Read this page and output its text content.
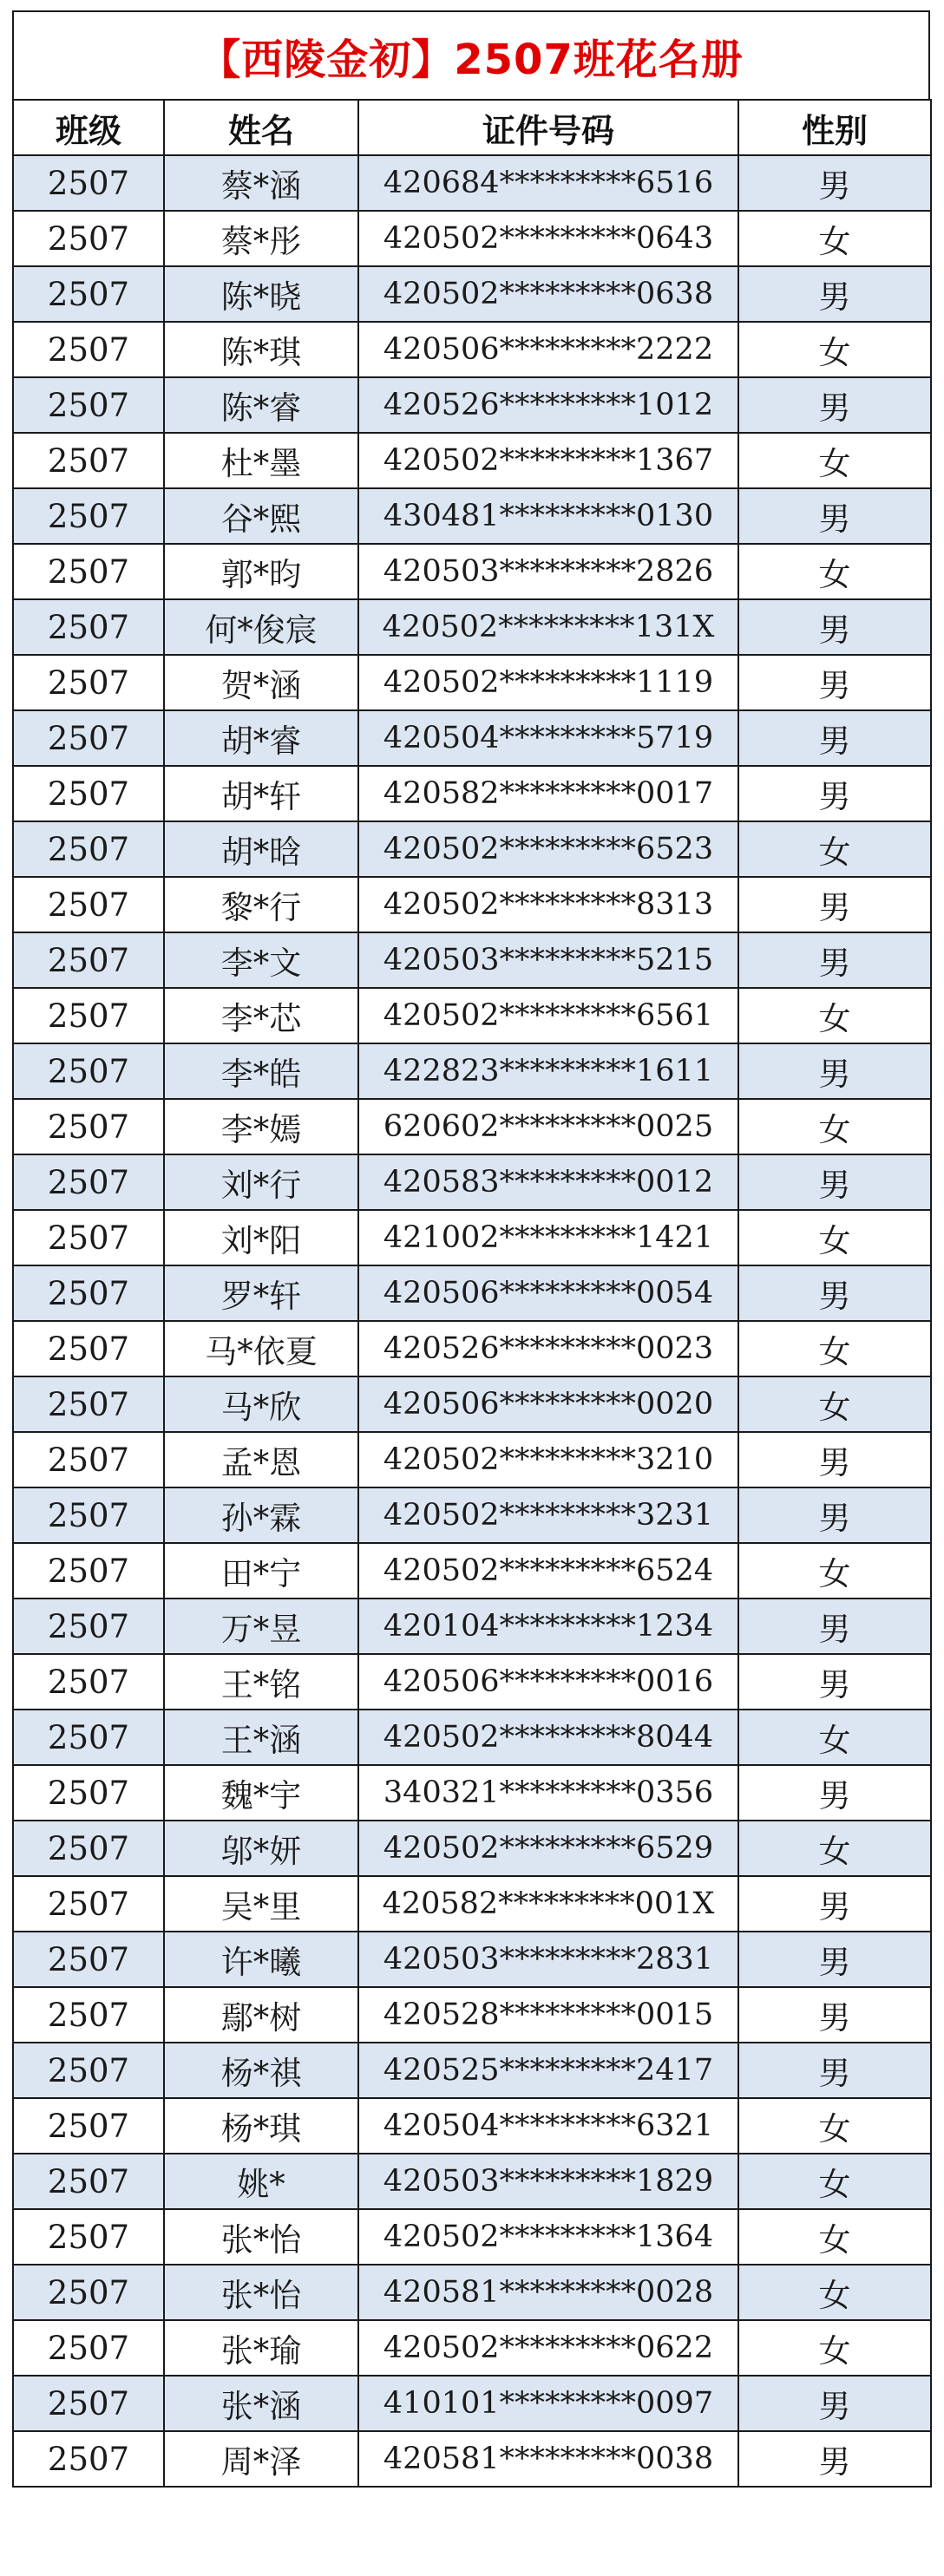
【西陵金初】2507班花名册
班级	姓名	证件号码	性别
2507	蔡*涵	420684*********6516	男
2507	蔡*彤	420502*********0643	女
2507	陈*晓	420502*********0638	男
2507	陈*琪	420506*********2222	女
2507	陈*睿	420526*********1012	男
2507	杜*墨	420502*********1367	女
2507	谷*熙	430481*********0130	男
2507	郭*昀	420503*********2826	女
2507	何*俊宸	420502*********131X	男
2507	贺*涵	420502*********1119	男
2507	胡*睿	420504*********5719	男
2507	胡*轩	420582*********0017	男
2507	胡*晗	420502*********6523	女
2507	黎*行	420502*********8313	男
2507	李*文	420503*********5215	男
2507	李*芯	420502*********6561	女
2507	李*皓	422823*********1611	男
2507	李*嫣	620602*********0025	女
2507	刘*行	420583*********0012	男
2507	刘*阳	421002*********1421	女
2507	罗*轩	420506*********0054	男
2507	马*依夏	420526*********0023	女
2507	马*欣	420506*********0020	女
2507	孟*恩	420502*********3210	男
2507	孙*霖	420502*********3231	男
2507	田*宁	420502*********6524	女
2507	万*昱	420104*********1234	男
2507	王*铭	420506*********0016	男
2507	王*涵	420502*********8044	女
2507	魏*宇	340321*********0356	男
2507	邬*妍	420502*********6529	女
2507	吴*里	420582*********001X	男
2507	许*曦	420503*********2831	男
2507	鄢*树	420528*********0015	男
2507	杨*祺	420525*********2417	男
2507	杨*琪	420504*********6321	女
2507	姚*	420503*********1829	女
2507	张*怡	420502*********1364	女
2507	张*怡	420581*********0028	女
2507	张*瑜	420502*********0622	女
2507	张*涵	410101*********0097	男
2507	周*泽	420581*********0038	男
